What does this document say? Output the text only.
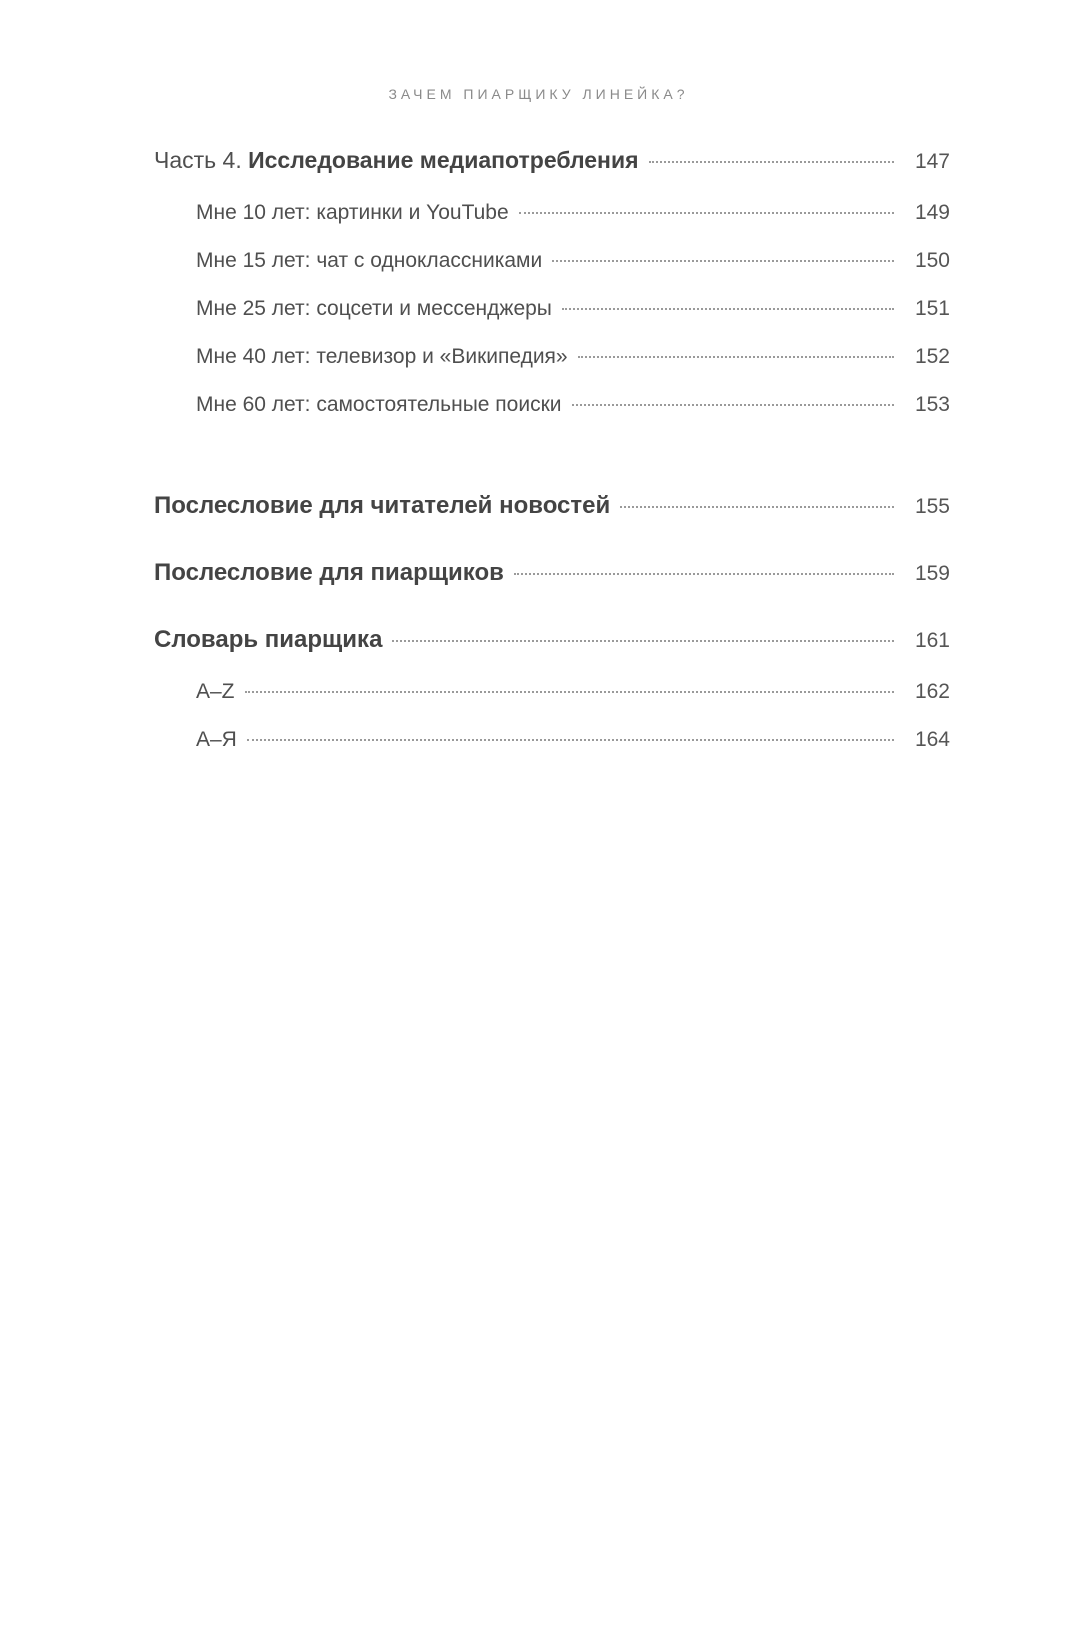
ЗАЧЕМ ПИАРЩИКУ ЛИНЕЙКА?
Часть 4. Исследование медиапотребления	147
Мне 10 лет: картинки и YouTube	149
Мне 15 лет: чат с одноклассниками	150
Мне 25 лет: соцсети и мессенджеры	151
Мне 40 лет: телевизор и «Википедия»	152
Мне 60 лет: самостоятельные поиски	153
Послесловие для читателей новостей	155
Послесловие для пиарщиков	159
Словарь пиарщика	161
A–Z	162
А–Я	164
